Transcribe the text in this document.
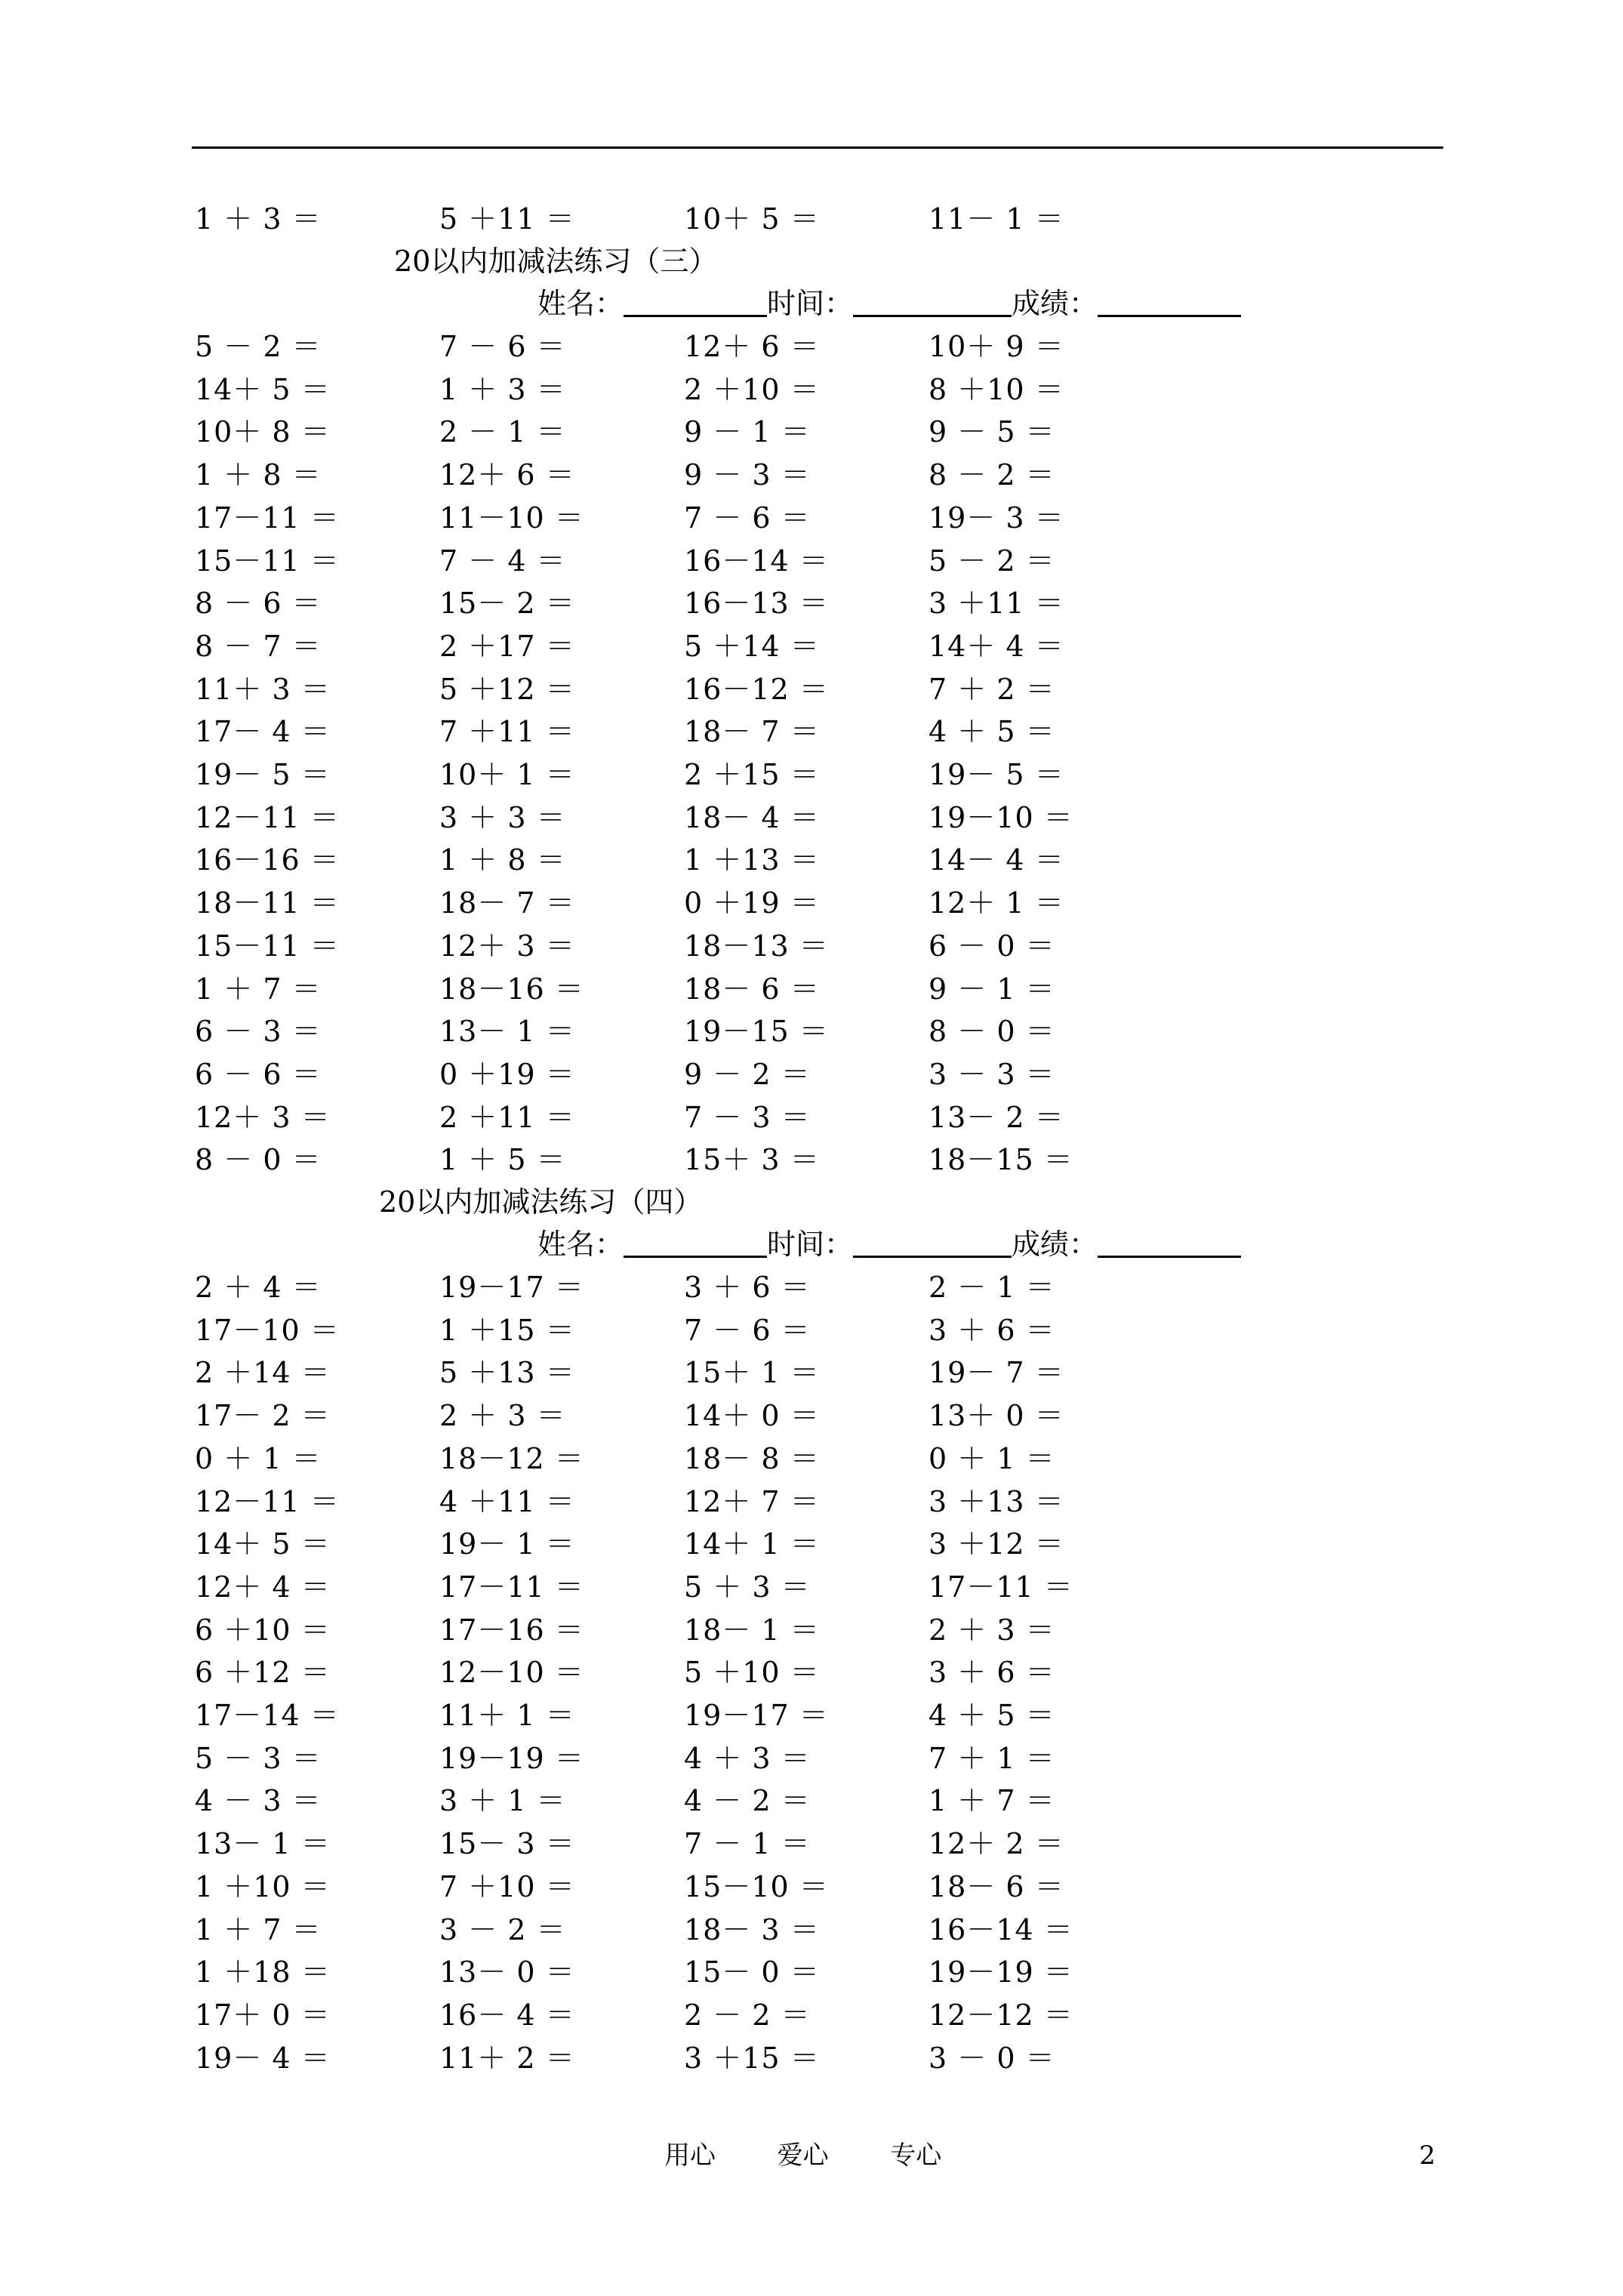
1 ＋ 3 ＝	5 ＋11 ＝	10＋ 5 ＝	11－ 1 ＝
20以内加减法练习（三）
姓名：	时间：	成绩：
5 － 2 ＝	7 － 6 ＝	12＋ 6 ＝	10＋ 9 ＝
14＋ 5 ＝	1 ＋ 3 ＝	2 ＋10 ＝	8 ＋10 ＝
10＋ 8 ＝	2 － 1 ＝	9 － 1 ＝	9 － 5 ＝
1 ＋ 8 ＝	12＋ 6 ＝	9 － 3 ＝	8 － 2 ＝
17－11 ＝	11－10 ＝	7 － 6 ＝	19－ 3 ＝
15－11 ＝	7 － 4 ＝	16－14 ＝	5 － 2 ＝
8 － 6 ＝	15－ 2 ＝	16－13 ＝	3 ＋11 ＝
8 － 7 ＝	2 ＋17 ＝	5 ＋14 ＝	14＋ 4 ＝
11＋ 3 ＝	5 ＋12 ＝	16－12 ＝	7 ＋ 2 ＝
17－ 4 ＝	7 ＋11 ＝	18－ 7 ＝	4 ＋ 5 ＝
19－ 5 ＝	10＋ 1 ＝	2 ＋15 ＝	19－ 5 ＝
12－11 ＝	3 ＋ 3 ＝	18－ 4 ＝	19－10 ＝
16－16 ＝	1 ＋ 8 ＝	1 ＋13 ＝	14－ 4 ＝
18－11 ＝	18－ 7 ＝	0 ＋19 ＝	12＋ 1 ＝
15－11 ＝	12＋ 3 ＝	18－13 ＝	6 － 0 ＝
1 ＋ 7 ＝	18－16 ＝	18－ 6 ＝	9 － 1 ＝
6 － 3 ＝	13－ 1 ＝	19－15 ＝	8 － 0 ＝
6 － 6 ＝	0 ＋19 ＝	9 － 2 ＝	3 － 3 ＝
12＋ 3 ＝	2 ＋11 ＝	7 － 3 ＝	13－ 2 ＝
8 － 0 ＝	1 ＋ 5 ＝	15＋ 3 ＝	18－15 ＝
20以内加减法练习（四）
姓名：	时间：	成绩：
2 ＋ 4 ＝	19－17 ＝	3 ＋ 6 ＝	2 － 1 ＝
17－10 ＝	1 ＋15 ＝	7 － 6 ＝	3 ＋ 6 ＝
2 ＋14 ＝	5 ＋13 ＝	15＋ 1 ＝	19－ 7 ＝
17－ 2 ＝	2 ＋ 3 ＝	14＋ 0 ＝	13＋ 0 ＝
0 ＋ 1 ＝	18－12 ＝	18－ 8 ＝	0 ＋ 1 ＝
12－11 ＝	4 ＋11 ＝	12＋ 7 ＝	3 ＋13 ＝
14＋ 5 ＝	19－ 1 ＝	14＋ 1 ＝	3 ＋12 ＝
12＋ 4 ＝	17－11 ＝	5 ＋ 3 ＝	17－11 ＝
6 ＋10 ＝	17－16 ＝	18－ 1 ＝	2 ＋ 3 ＝
6 ＋12 ＝	12－10 ＝	5 ＋10 ＝	3 ＋ 6 ＝
17－14 ＝	11＋ 1 ＝	19－17 ＝	4 ＋ 5 ＝
5 － 3 ＝	19－19 ＝	4 ＋ 3 ＝	7 ＋ 1 ＝
4 － 3 ＝	3 ＋ 1 ＝	4 － 2 ＝	1 ＋ 7 ＝
13－ 1 ＝	15－ 3 ＝	7 － 1 ＝	12＋ 2 ＝
1 ＋10 ＝	7 ＋10 ＝	15－10 ＝	18－ 6 ＝
1 ＋ 7 ＝	3 － 2 ＝	18－ 3 ＝	16－14 ＝
1 ＋18 ＝	13－ 0 ＝	15－ 0 ＝	19－19 ＝
17＋ 0 ＝	16－ 4 ＝	2 － 2 ＝	12－12 ＝
19－ 4 ＝	11＋ 2 ＝	3 ＋15 ＝	3 － 0 ＝
用心  爱心  专心	2
